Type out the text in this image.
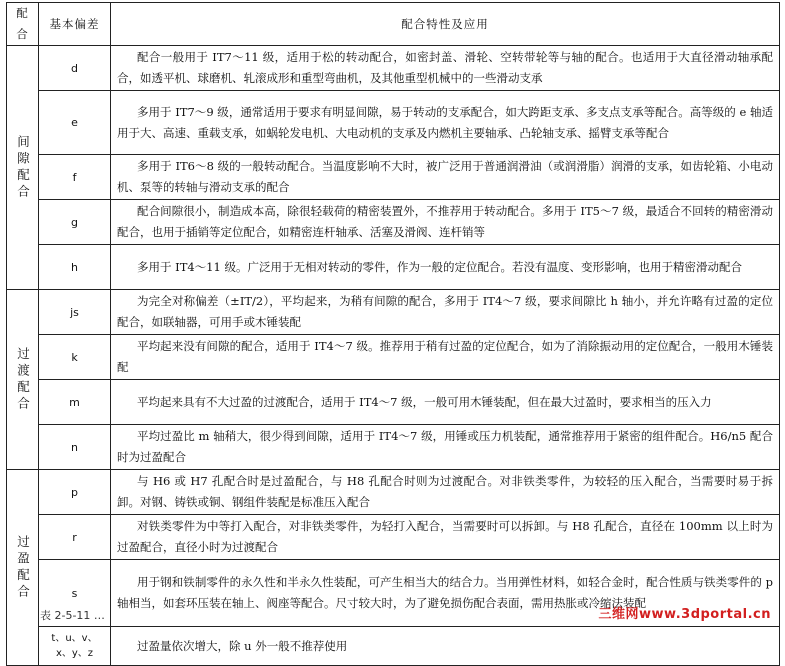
配合	基本偏差	配合特性及应用
间隙配合	d	配合一般用于 IT7～11 级，适用于松的转动配合，如密封盖、滑轮、空转带轮等与轴的配合。也适用于大直径滑动轴承配合，如透平机、球磨机、轧滚成形和重型弯曲机，及其他重型机械中的一些滑动支承
	e	多用于 IT7～9 级，通常适用于要求有明显间隙，易于转动的支承配合，如大跨距支承、多支点支承等配合。高等级的 e 轴适用于大、高速、重载支承，如蜗轮发电机、大电动机的支承及内燃机主要轴承、凸轮轴支承、摇臂支承等配合
	f	多用于 IT6～8 级的一般转动配合。当温度影响不大时，被广泛用于普通润滑油（或润滑脂）润滑的支承，如齿轮箱、小电动机、泵等的转轴与滑动支承的配合
	g	配合间隙很小，制造成本高，除很轻载荷的精密装置外，不推荐用于转动配合。多用于 IT5～7 级，最适合不回转的精密滑动配合，也用于插销等定位配合，如精密连杆轴承、活塞及滑阀、连杆销等
	h	多用于 IT4～11 级。广泛用于无相对转动的零件，作为一般的定位配合。若没有温度、变形影响，也用于精密滑动配合
过渡配合	js	为完全对称偏差（±IT/2），平均起来，为稍有间隙的配合，多用于 IT4～7 级，要求间隙比 h 轴小，并允许略有过盈的定位配合，如联轴器，可用手或木锤装配
	k	平均起来没有间隙的配合，适用于 IT4～7 级。推荐用于稍有过盈的定位配合，如为了消除振动用的定位配合，一般用木锤装配
	m	平均起来具有不大过盈的过渡配合，适用于 IT4～7 级，一般可用木锤装配，但在最大过盈时，要求相当的压入力
	n	平均过盈比 m 轴稍大，很少得到间隙，适用于 IT4～7 级，用锤或压力机装配，通常推荐用于紧密的组件配合。H6/n5 配合时为过盈配合
过盈配合	p	与 H6 或 H7 孔配合时是过盈配合，与 H8 孔配合时则为过渡配合。对非铁类零件，为较轻的压入配合，当需要时易于拆卸。对钢、铸铁或铜、钢组件装配是标准压入配合
	r	对铁类零件为中等打入配合，对非铁类零件，为轻打入配合，当需要时可以拆卸。与 H8 孔配合，直径在 100mm 以上时为过盈配合，直径小时为过渡配合
	s	用于钢和铁制零件的永久性和半永久性装配，可产生相当大的结合力。当用弹性材料，如轻合金时，配合性质与铁类零件的 p 轴相当，如套环压装在轴上、阀座等配合。尺寸较大时，为了避免损伤配合表面，需用热胀或冷缩法装配
	t、u、v、x、y、z	过盈量依次增大，除 u 外一般不推荐使用
表 2-5-11 …	三维网www.3dportal.cn
